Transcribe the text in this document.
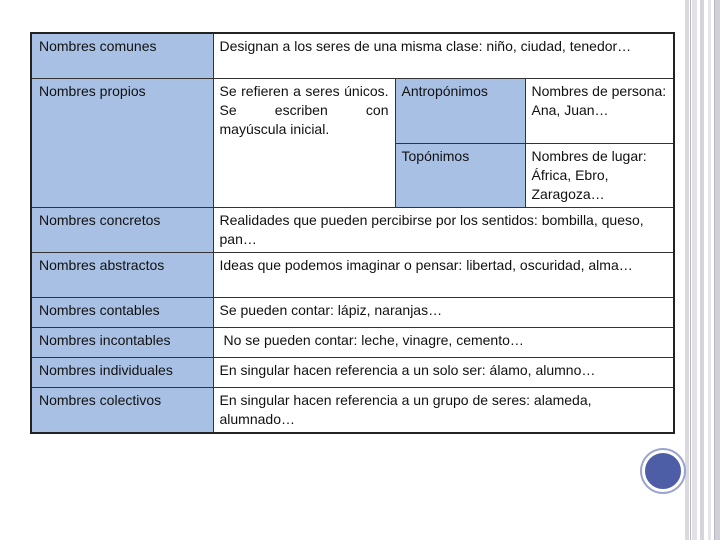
Nombres comunes	Designan a los seres de una misma clase: niño, ciudad, tenedor…		
Nombres propios	Se refieren a seres únicos. Se escriben con mayúscula inicial.	Antropónimos	Nombres de persona: Ana, Juan…
		Topónimos	Nombres de lugar: África, Ebro, Zaragoza…
Nombres concretos	Realidades que pueden percibirse por los sentidos: bombilla, queso, pan…		
Nombres abstractos	Ideas que podemos imaginar o pensar: libertad, oscuridad, alma…		
Nombres contables	Se pueden contar: lápiz, naranjas…		
Nombres incontables	No se pueden contar: leche, vinagre, cemento…		
Nombres individuales	En singular hacen referencia a un solo ser: álamo, alumno…		
Nombres colectivos	En singular hacen referencia a un grupo de seres: alameda, alumnado…		
